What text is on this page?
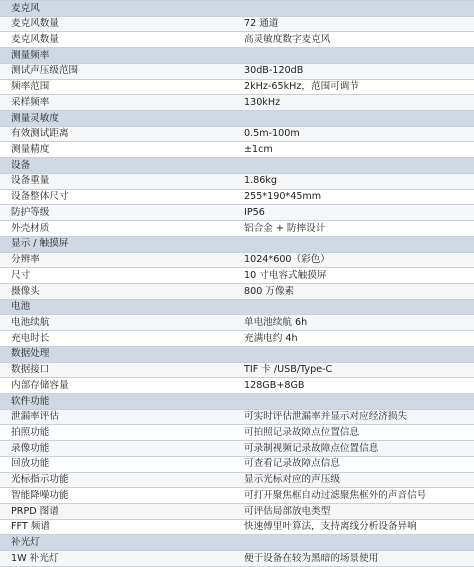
麦克风
麦克风数量	72 通道
麦克风数量	高灵敏度数字麦克风
测量频率
测试声压级范围	30dB-120dB
频率范围	2kHz-65kHz，范围可调节
采样频率	130kHz
测量灵敏度
有效测试距离	0.5m-100m
测量精度	±1cm
设备
设备重量	1.86kg
设备整体尺寸	255*190*45mm
防护等级	IP56
外壳材质	铝合金 + 防摔设计
显示 / 触摸屏
分辨率	1024*600（彩色）
尺寸	10 寸电容式触摸屏
摄像头	800 万像素
电池
电池续航	单电池续航 6h
充电时长	充满电约 4h
数据处理
数据接口	TIF 卡 /USB/Type-C
内部存储容量	128GB+8GB
软件功能
泄漏率评估	可实时评估泄漏率并显示对应经济损失
拍照功能	可拍照记录故障点位置信息
录像功能	可录制视频记录故障点位置信息
回放功能	可查看记录故障点信息
光标指示功能	显示光标对应的声压级
智能降噪功能	可打开聚焦框自动过滤聚焦框外的声音信号
PRPD 图谱	可评估局部放电类型
FFT 频谱	快速傅里叶算法，支持离线分析设备异响
补光灯
1W 补光灯	便于设备在较为黑暗的场景使用
